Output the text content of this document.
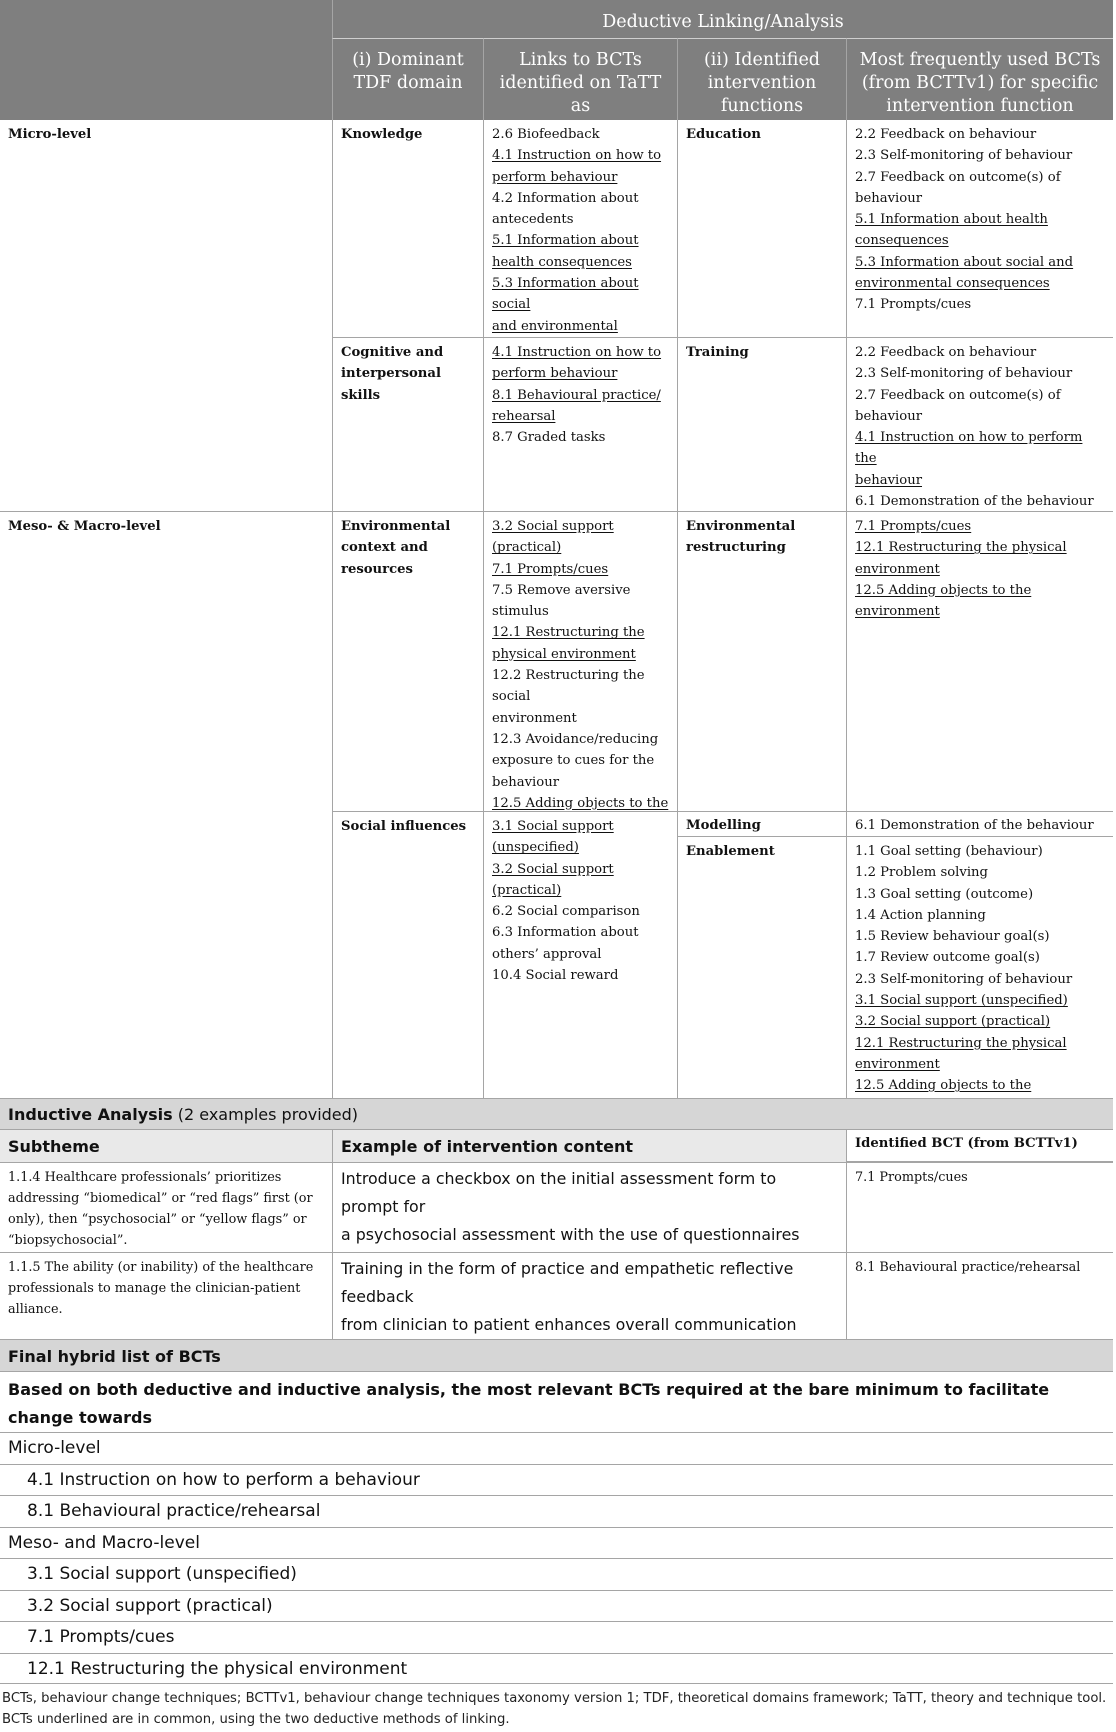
Deductive Linking/Analysis
(i) Dominant
TDF domain
Links to BCTs
identified on TaTT as
(ii) Identified
intervention
functions
Most frequently used BCTs
(from BCTTv1) for specific
intervention function
Micro-level
Meso- & Macro-level
Knowledge
Cognitive and
interpersonal skills
Environmental
context and
resources
Social influences
2.6 Biofeedback
4.1 Instruction on how to
perform behaviour
4.2 Information about
antecedents
5.1 Information about
health consequences
5.3 Information about social
and environmental
4.1 Instruction on how to
perform behaviour
8.1 Behavioural practice/
rehearsal
8.7 Graded tasks
3.2 Social support
(practical)
7.1 Prompts/cues
7.5 Remove aversive
stimulus
12.1 Restructuring the
physical environment
12.2 Restructuring the social
environment
12.3 Avoidance/reducing
exposure to cues for the
behaviour
12.5 Adding objects to the
3.1 Social support
(unspecified)
3.2 Social support
(practical)
6.2 Social comparison
6.3 Information about
others’ approval
10.4 Social reward
Education
Training
Environmental
restructuring
Modelling
Enablement
2.2 Feedback on behaviour
2.3 Self-monitoring of behaviour
2.7 Feedback on outcome(s) of
behaviour
5.1 Information about health
consequences
5.3 Information about social and
environmental consequences
7.1 Prompts/cues
2.2 Feedback on behaviour
2.3 Self-monitoring of behaviour
2.7 Feedback on outcome(s) of
behaviour
4.1 Instruction on how to perform the
behaviour
6.1 Demonstration of the behaviour
7.1 Prompts/cues
12.1 Restructuring the physical
environment
12.5 Adding objects to the environment
6.1 Demonstration of the behaviour
1.1 Goal setting (behaviour)
1.2 Problem solving
1.3 Goal setting (outcome)
1.4 Action planning
1.5 Review behaviour goal(s)
1.7 Review outcome goal(s)
2.3 Self-monitoring of behaviour
3.1 Social support (unspecified)
3.2 Social support (practical)
12.1 Restructuring the physical
environment
12.5 Adding objects to the
Inductive Analysis (2 examples provided)
Subtheme	Example of intervention content	Identified BCT (from BCTTv1)
1.1.4 Healthcare professionals’ prioritizes
addressing “biomedical” or “red flags” first (or
only), then “psychosocial” or “yellow flags” or
“biopsychosocial”.
Introduce a checkbox on the initial assessment form to prompt for
a psychosocial assessment with the use of questionnaires
7.1 Prompts/cues
1.1.5 The ability (or inability) of the healthcare
professionals to manage the clinician-patient
alliance.
Training in the form of practice and empathetic reflective feedback
from clinician to patient enhances overall communication
8.1 Behavioural practice/rehearsal
Final hybrid list of BCTs
Based on both deductive and inductive analysis, the most relevant BCTs required at the bare minimum to facilitate change towards
Micro-level
4.1 Instruction on how to perform a behaviour
8.1 Behavioural practice/rehearsal
Meso- and Macro-level
3.1 Social support (unspecified)
3.2 Social support (practical)
7.1 Prompts/cues
12.1 Restructuring the physical environment
BCTs, behaviour change techniques; BCTTv1, behaviour change techniques taxonomy version 1; TDF, theoretical domains framework; TaTT, theory and technique tool.
BCTs underlined are in common, using the two deductive methods of linking.
